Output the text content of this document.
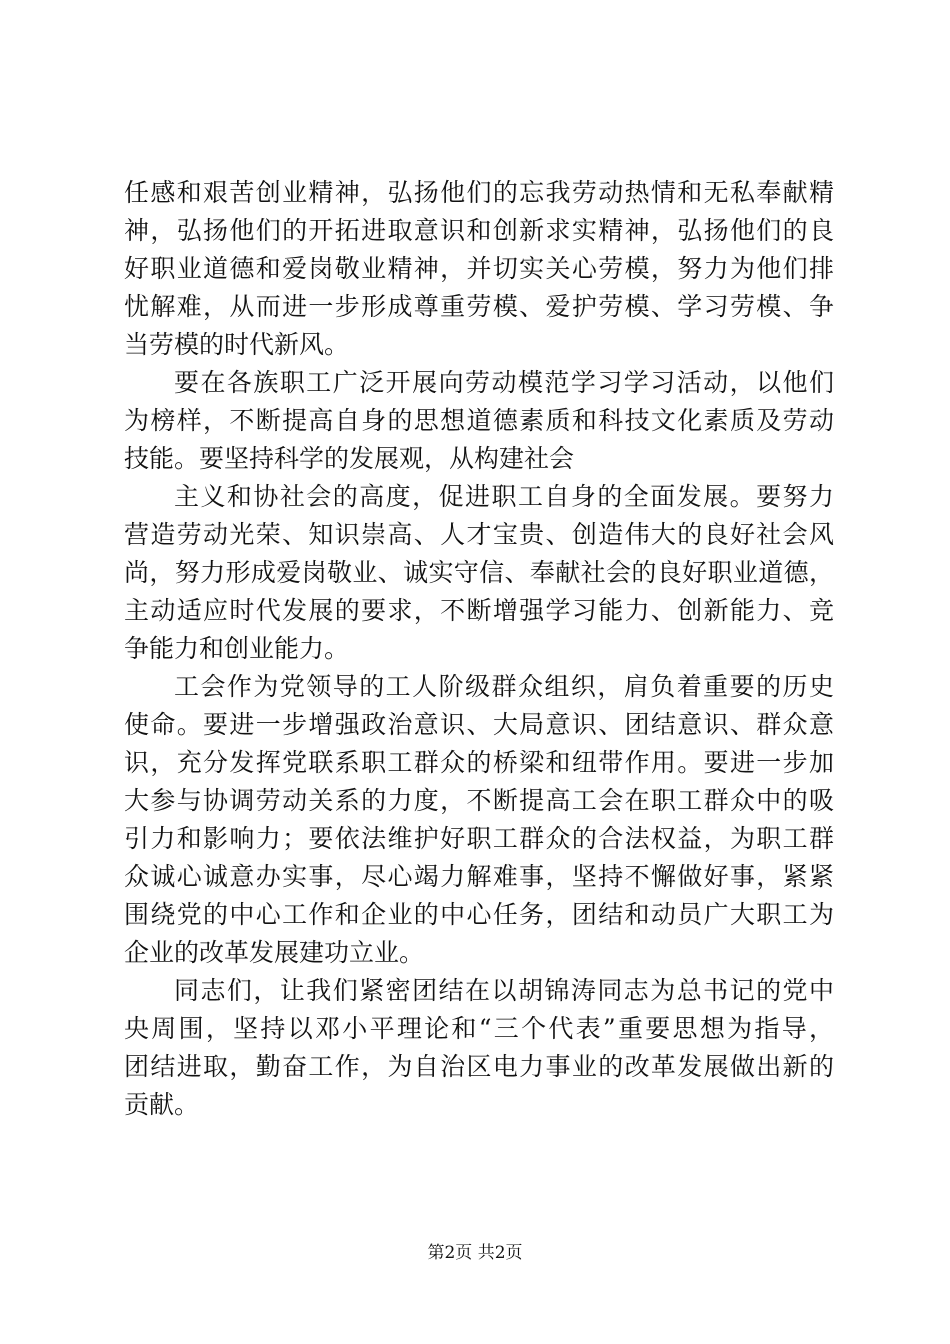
任感和艰苦创业精神，弘扬他们的忘我劳动热情和无私奉献精
神，弘扬他们的开拓进取意识和创新求实精神，弘扬他们的良
好职业道德和爱岗敬业精神，并切实关心劳模，努力为他们排
忧解难，从而进一步形成尊重劳模、爱护劳模、学习劳模、争
当劳模的时代新风。
要在各族职工广泛开展向劳动模范学习学习活动，以他们
为榜样，不断提高自身的思想道德素质和科技文化素质及劳动
技能。要坚持科学的发展观，从构建社会
主义和协社会的高度，促进职工自身的全面发展。要努力
营造劳动光荣、知识崇高、人才宝贵、创造伟大的良好社会风
尚，努力形成爱岗敬业、诚实守信、奉献社会的良好职业道德，
主动适应时代发展的要求，不断增强学习能力、创新能力、竞
争能力和创业能力。
工会作为党领导的工人阶级群众组织，肩负着重要的历史
使命。要进一步增强政治意识、大局意识、团结意识、群众意
识，充分发挥党联系职工群众的桥梁和纽带作用。要进一步加
大参与协调劳动关系的力度，不断提高工会在职工群众中的吸
引力和影响力；要依法维护好职工群众的合法权益，为职工群
众诚心诚意办实事，尽心竭力解难事，坚持不懈做好事，紧紧
围绕党的中心工作和企业的中心任务，团结和动员广大职工为
企业的改革发展建功立业。
同志们，让我们紧密团结在以胡锦涛同志为总书记的党中
央周围，坚持以邓小平理论和“三个代表”重要思想为指导，
团结进取，勤奋工作，为自治区电力事业的改革发展做出新的
贡献。
第2页 共2页
